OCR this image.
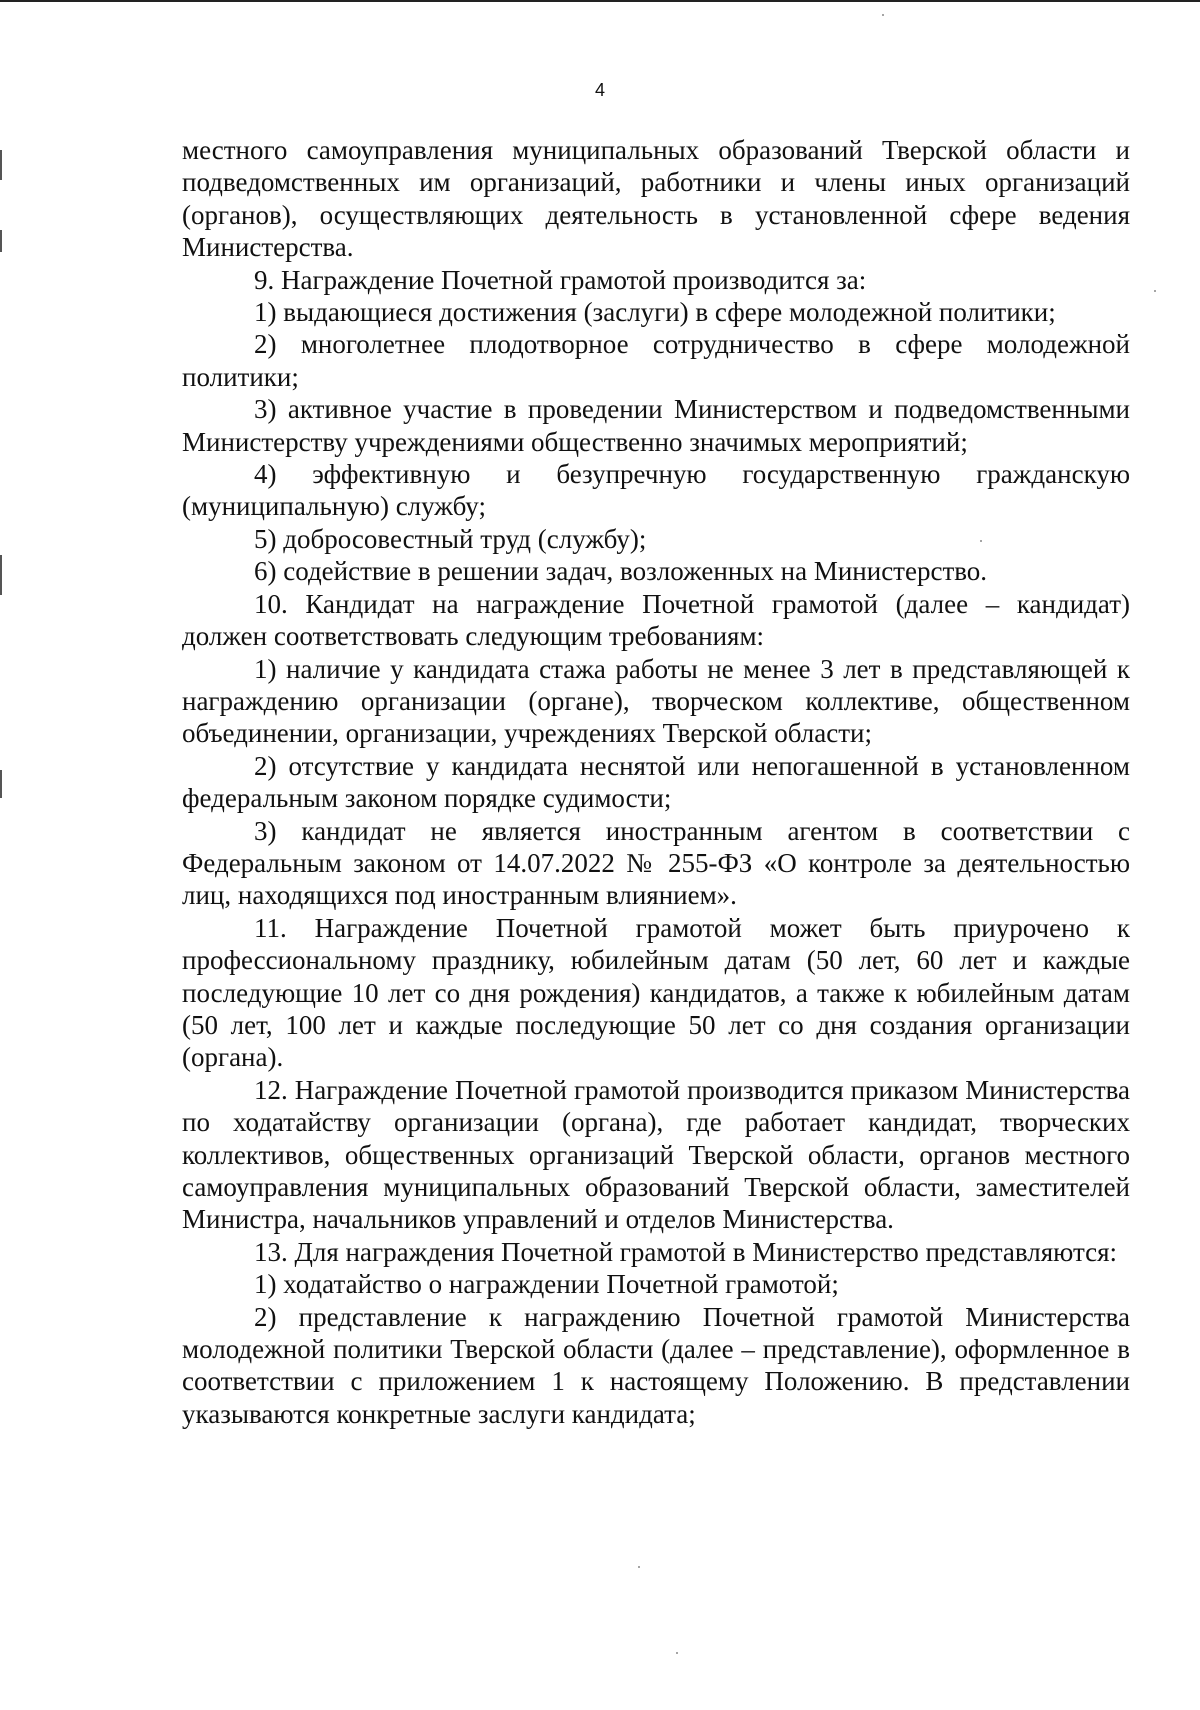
4

местного самоуправления муниципальных образований Тверской области и подведомственных им организаций, работники и члены иных организаций (органов), осуществляющих деятельность в установленной сфере ведения Министерства.

9. Награждение Почетной грамотой производится за:

1) выдающиеся достижения (заслуги) в сфере молодежной политики;

2) многолетнее плодотворное сотрудничество в сфере молодежной политики;

3) активное участие в проведении Министерством и подведомственными Министерству учреждениями общественно значимых мероприятий;

4) эффективную и безупречную государственную гражданскую (муниципальную) службу;

5) добросовестный труд (службу);

6) содействие в решении задач, возложенных на Министерство.

10. Кандидат на награждение Почетной грамотой (далее – кандидат) должен соответствовать следующим требованиям:

1) наличие у кандидата стажа работы не менее 3 лет в представляющей к награждению организации (органе), творческом коллективе, общественном объединении, организации, учреждениях Тверской области;

2) отсутствие у кандидата неснятой или непогашенной в установленном федеральным законом порядке судимости;

3) кандидат не является иностранным агентом в соответствии с Федеральным законом от 14.07.2022 № 255-ФЗ «О контроле за деятельностью лиц, находящихся под иностранным влиянием».

11. Награждение Почетной грамотой может быть приурочено к профессиональному празднику, юбилейным датам (50 лет, 60 лет и каждые последующие 10 лет со дня рождения) кандидатов, а также к юбилейным датам (50 лет, 100 лет и каждые последующие 50 лет со дня создания организации (органа).

12. Награждение Почетной грамотой производится приказом Министерства по ходатайству организации (органа), где работает кандидат, творческих коллективов, общественных организаций Тверской области, органов местного самоуправления муниципальных образований Тверской области, заместителей Министра, начальников управлений и отделов Министерства.

13. Для награждения Почетной грамотой в Министерство представляются:

1) ходатайство о награждении Почетной грамотой;

2) представление к награждению Почетной грамотой Министерства молодежной политики Тверской области (далее – представление), оформленное в соответствии с приложением 1 к настоящему Положению. В представлении указываются конкретные заслуги кандидата;
